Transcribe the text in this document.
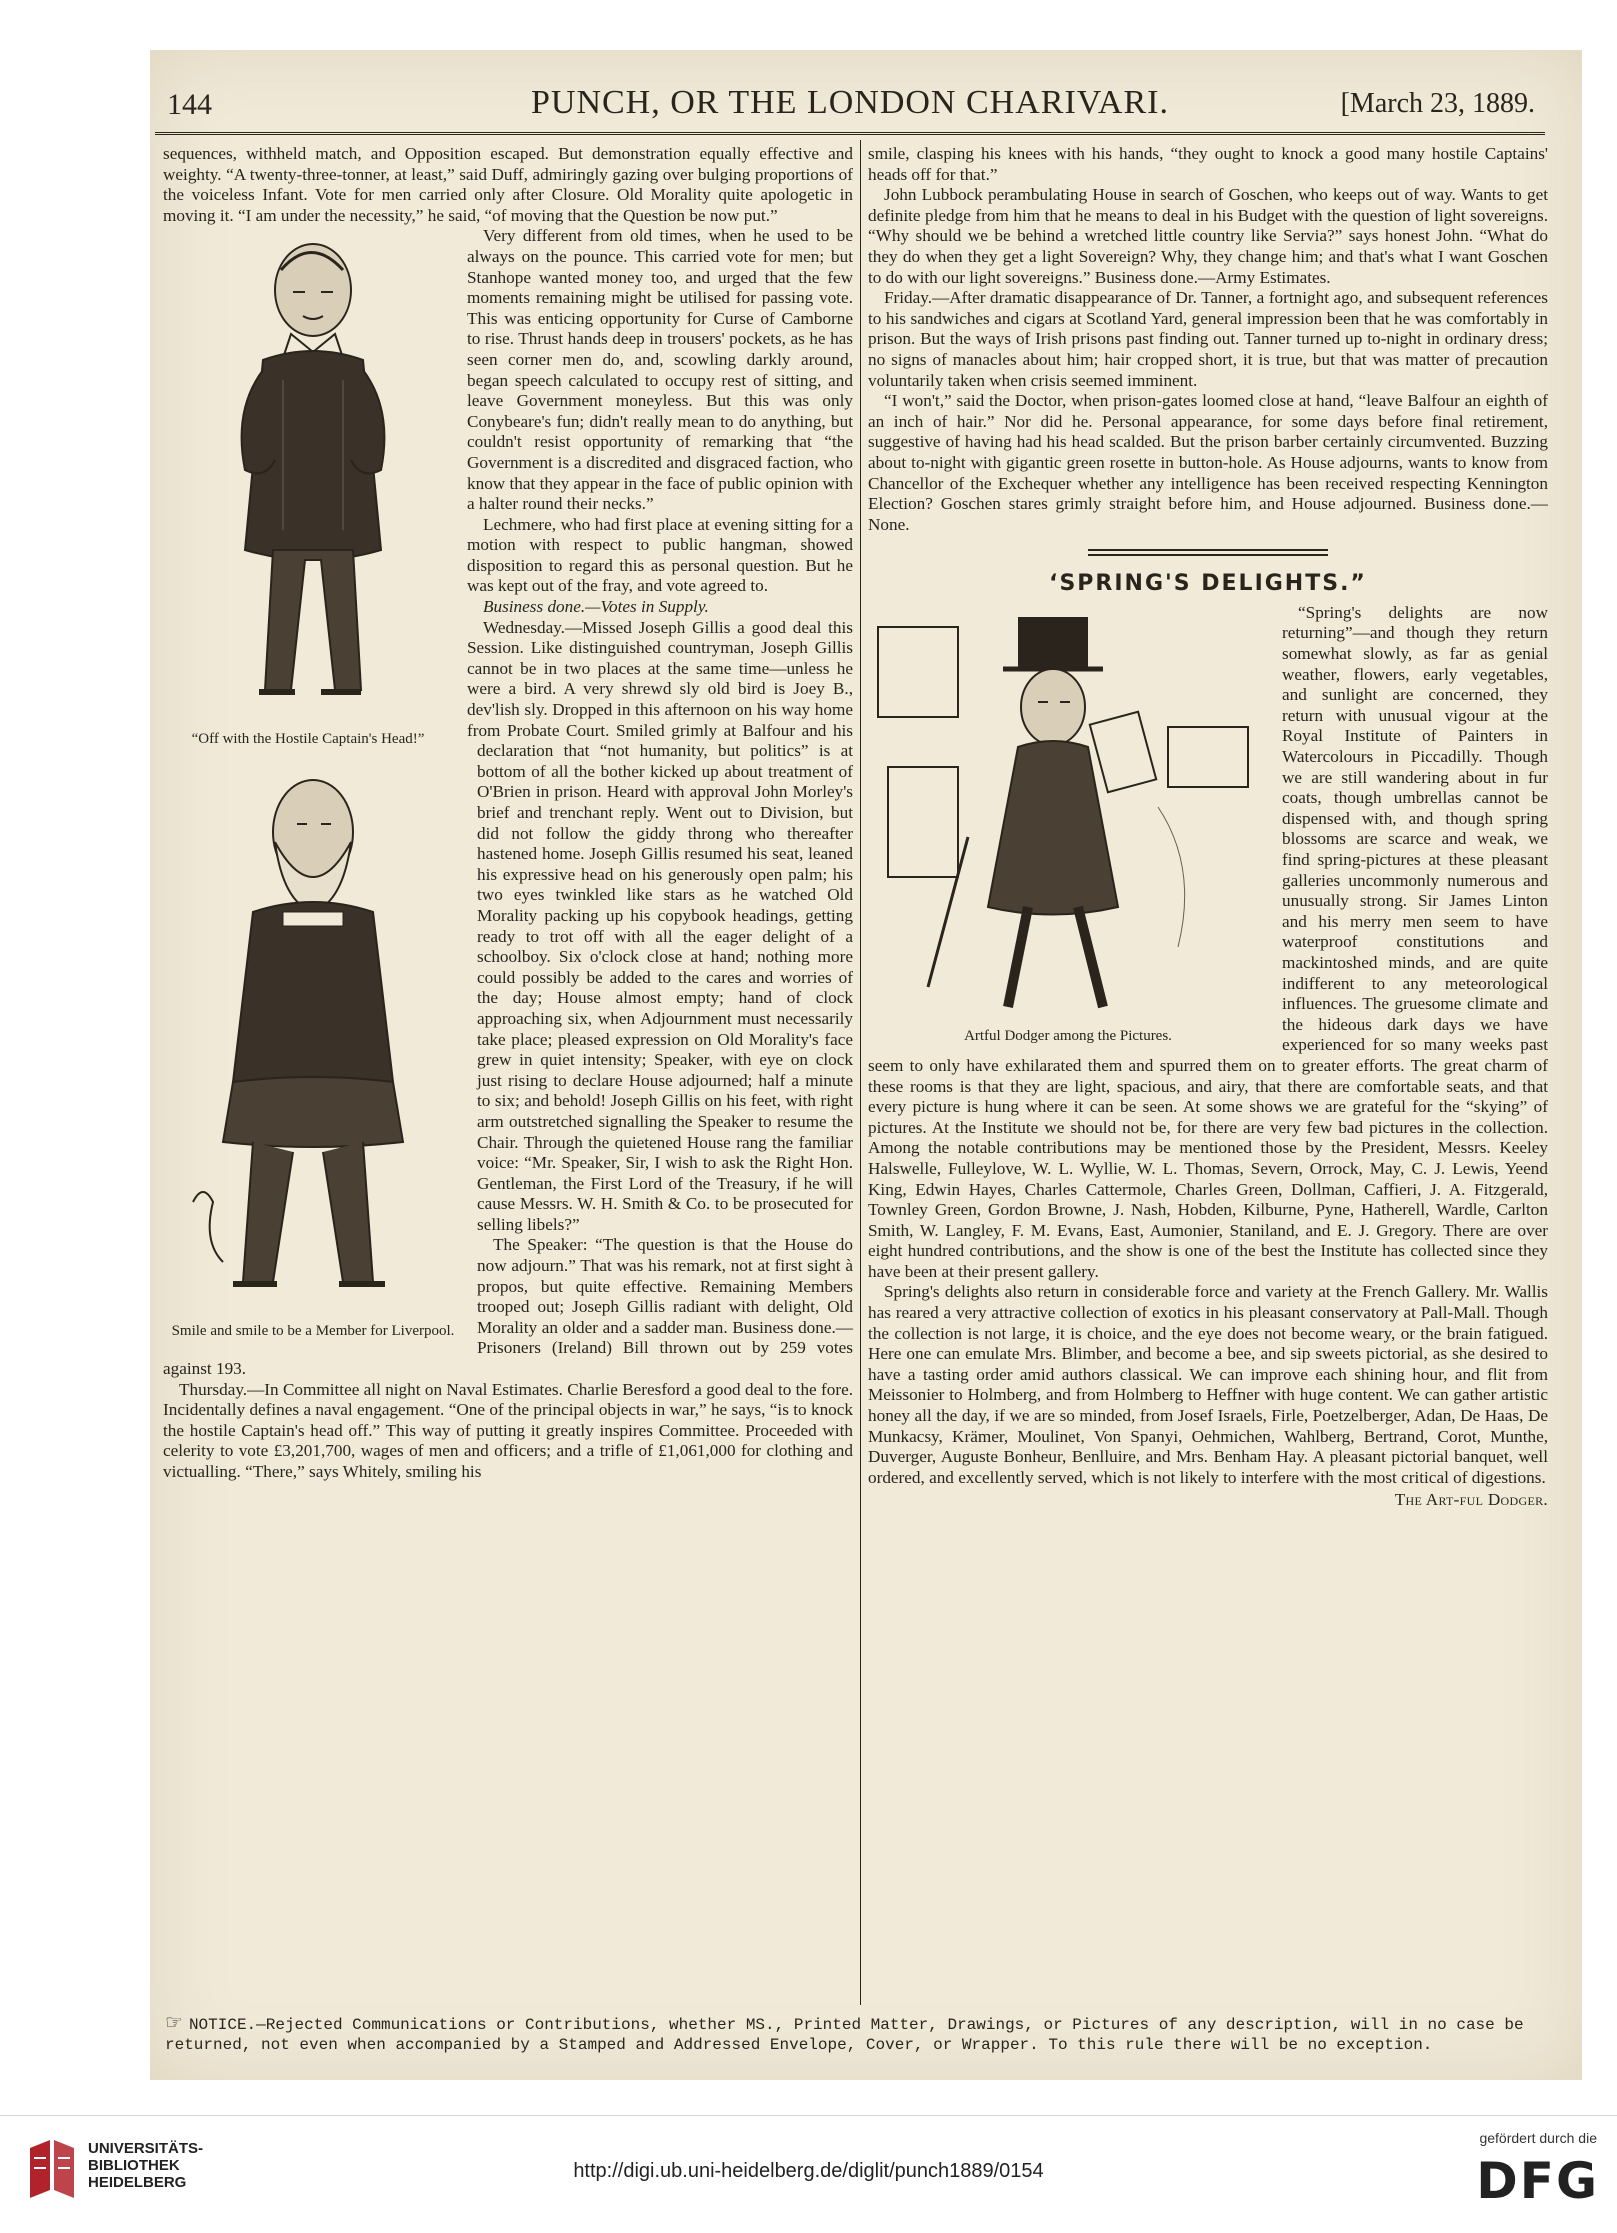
144	PUNCH, OR THE LONDON CHARIVARI.	[March 23, 1889.

sequences, withheld match, and Opposition escaped. But demonstration equally effective and weighty. “A twenty-three-tonner, at least,” said Duff, admiringly gazing over bulging proportions of the voiceless Infant. Vote for men carried only after Closure. Old Morality quite apologetic in moving it. “I am under the necessity,” he said, “of moving that the Question be now put.”

“Off with the Hostile Captain's Head!”

Very different from old times, when he used to be always on the pounce. This carried vote for men; but Stanhope wanted money too, and urged that the few moments remaining might be utilised for passing vote. This was enticing opportunity for Curse of Camborne to rise. Thrust hands deep in trousers' pockets, as he has seen corner men do, and, scowling darkly around, began speech calculated to occupy rest of sitting, and leave Government moneyless. But this was only Conybeare's fun; didn't really mean to do anything, but couldn't resist opportunity of remarking that “the Government is a discredited and disgraced faction, who know that they appear in the face of public opinion with a halter round their necks.”

Lechmere, who had first place at evening sitting for a motion with respect to public hangman, showed disposition to regard this as personal question. But he was kept out of the fray, and vote agreed to.

Business done.—Votes in Supply.

Smile and smile to be a Member for Liverpool.

Wednesday.—Missed Joseph Gillis a good deal this Session. Like distinguished countryman, Joseph Gillis cannot be in two places at the same time—unless he were a bird. A very shrewd sly old bird is Joey B., dev'lish sly. Dropped in this afternoon on his way home from Probate Court. Smiled grimly at Balfour and his declaration that “not humanity, but politics” is at bottom of all the bother kicked up about treatment of O'Brien in prison. Heard with approval John Morley's brief and trenchant reply. Went out to Division, but did not follow the giddy throng who thereafter hastened home. Joseph Gillis resumed his seat, leaned his expressive head on his generously open palm; his two eyes twinkled like stars as he watched Old Morality packing up his copybook headings, getting ready to trot off with all the eager delight of a schoolboy. Six o'clock close at hand; nothing more could possibly be added to the cares and worries of the day; House almost empty; hand of clock approaching six, when Adjournment must necessarily take place; pleased expression on Old Morality's face grew in quiet intensity; Speaker, with eye on clock just rising to declare House adjourned; half a minute to six; and behold! Joseph Gillis on his feet, with right arm outstretched signalling the Speaker to resume the Chair. Through the quietened House rang the familiar voice: “Mr. Speaker, Sir, I wish to ask the Right Hon. Gentleman, the First Lord of the Treasury, if he will cause Messrs. W. H. Smith & Co. to be prosecuted for selling libels?”

The Speaker: “The question is that the House do now adjourn.” That was his remark, not at first sight à propos, but quite effective. Remaining Members trooped out; Joseph Gillis radiant with delight, Old Morality an older and a sadder man. Business done.—Prisoners (Ireland) Bill thrown out by 259 votes against 193.

Thursday.—In Committee all night on Naval Estimates. Charlie Beresford a good deal to the fore. Incidentally defines a naval engagement. “One of the principal objects in war,” he says, “is to knock the hostile Captain's head off.” This way of putting it greatly inspires Committee. Proceeded with celerity to vote £3,201,700, wages of men and officers; and a trifle of £1,061,000 for clothing and victualling. “There,” says Whitely, smiling his

smile, clasping his knees with his hands, “they ought to knock a good many hostile Captains' heads off for that.”

John Lubbock perambulating House in search of Goschen, who keeps out of way. Wants to get definite pledge from him that he means to deal in his Budget with the question of light sovereigns. “Why should we be behind a wretched little country like Servia?” says honest John. “What do they do when they get a light Sovereign? Why, they change him; and that's what I want Goschen to do with our light sovereigns.” Business done.—Army Estimates.

Friday.—After dramatic disappearance of Dr. Tanner, a fortnight ago, and subsequent references to his sandwiches and cigars at Scotland Yard, general impression been that he was comfortably in prison. But the ways of Irish prisons past finding out. Tanner turned up to-night in ordinary dress; no signs of manacles about him; hair cropped short, it is true, but that was matter of precaution voluntarily taken when crisis seemed imminent.

“I won't,” said the Doctor, when prison-gates loomed close at hand, “leave Balfour an eighth of an inch of hair.” Nor did he. Personal appearance, for some days before final retirement, suggestive of having had his head scalded. But the prison barber certainly circumvented. Buzzing about to-night with gigantic green rosette in button-hole. As House adjourns, wants to know from Chancellor of the Exchequer whether any intelligence has been received respecting Kennington Election? Goschen stares grimly straight before him, and House adjourned. Business done.—None.

‘SPRING'S DELIGHTS.”
Artful Dodger among the Pictures.

“Spring's delights are now returning”—and though they return somewhat slowly, as far as genial weather, flowers, early vegetables, and sunlight are concerned, they return with unusual vigour at the Royal Institute of Painters in Watercolours in Piccadilly. Though we are still wandering about in fur coats, though umbrellas cannot be dispensed with, and though spring blossoms are scarce and weak, we find spring-pictures at these pleasant galleries uncommonly numerous and unusually strong. Sir James Linton and his merry men seem to have waterproof constitutions and mackintoshed minds, and are quite indifferent to any meteorological influences. The gruesome climate and the hideous dark days we have experienced for so many weeks past seem to only have exhilarated them and spurred them on to greater efforts. The great charm of these rooms is that they are light, spacious, and airy, that there are comfortable seats, and that every picture is hung where it can be seen. At some shows we are grateful for the “skying” of pictures. At the Institute we should not be, for there are very few bad pictures in the collection. Among the notable contributions may be mentioned those by the President, Messrs. Keeley Halswelle, Fulleylove, W. L. Wyllie, W. L. Thomas, Severn, Orrock, May, C. J. Lewis, Yeend King, Edwin Hayes, Charles Cattermole, Charles Green, Dollman, Caffieri, J. A. Fitzgerald, Townley Green, Gordon Browne, J. Nash, Hobden, Kilburne, Pyne, Hatherell, Wardle, Carlton Smith, W. Langley, F. M. Evans, East, Aumonier, Staniland, and E. J. Gregory. There are over eight hundred contributions, and the show is one of the best the Institute has collected since they have been at their present gallery.

Spring's delights also return in considerable force and variety at the French Gallery. Mr. Wallis has reared a very attractive collection of exotics in his pleasant conservatory at Pall-Mall. Though the collection is not large, it is choice, and the eye does not become weary, or the brain fatigued. Here one can emulate Mrs. Blimber, and become a bee, and sip sweets pictorial, as she desired to have a tasting order amid authors classical. We can improve each shining hour, and flit from Meissonier to Holmberg, and from Holmberg to Heffner with huge content. We can gather artistic honey all the day, if we are so minded, from Josef Israels, Firle, Poetzelberger, Adan, De Haas, De Munkacsy, Krämer, Moulinet, Von Spanyi, Oehmichen, Wahlberg, Bertrand, Corot, Munthe, Duverger, Auguste Bonheur, Benlluire, and Mrs. Benham Hay. A pleasant pictorial banquet, well ordered, and excellently served, which is not likely to interfere with the most critical of digestions.

The Art-ful Dodger.
☞ NOTICE.—Rejected Communications or Contributions, whether MS., Printed Matter, Drawings, or Pictures of any description, will in no case be returned, not even when accompanied by a Stamped and Addressed Envelope, Cover, or Wrapper. To this rule there will be no exception.
UNIVERSITÄTS-
BIBLIOTHEK
HEIDELBERG
http://digi.ub.uni-heidelberg.de/diglit/punch1889/0154
gefördert durch die
DFG
